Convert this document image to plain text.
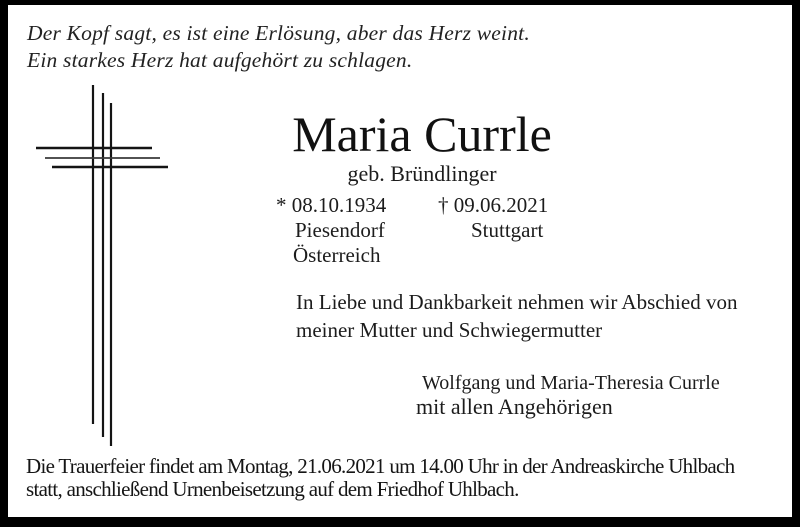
Der Kopf sagt, es ist eine Erlösung, aber das Herz weint.
Ein starkes Herz hat aufgehört zu schlagen.
Maria Currle
geb. Bründlinger
* 08.10.1934
Piesendorf
Österreich
† 09.06.2021
Stuttgart
In Liebe und Dankbarkeit nehmen wir Abschied von
meiner Mutter und Schwiegermutter
Wolfgang und Maria-Theresia Currle
mit allen Angehörigen
Die Trauerfeier findet am Montag, 21.06.2021 um 14.00 Uhr in der Andreaskirche Uhlbach
statt, anschließend Urnenbeisetzung auf dem Friedhof Uhlbach.
